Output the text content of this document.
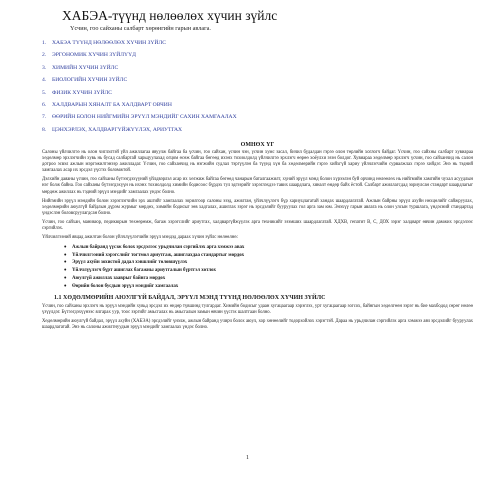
ХАБЭА-түүнд нөлөөлөх хүчин зүйлс
Үсчин, гоо сайханы салбарт хөрөнгийн гарын авлага.
1. ХАБЭА ТҮҮНД НӨЛӨӨЛӨХ ХҮЧИН ЗҮЙЛС
2. ЭРГОНОМИК ХҮЧИН ЗҮЙЛҮҮД
3. ХИМИЙН ХҮЧИН ЗҮЙЛС
4. БИОЛОГИЙН ХҮЧИН ЗҮЙЛС
5. ФИЗИК ХҮЧИН ЗҮЙЛС
6. ХАЛДВАРЫН ХЯНАЛТ БА ХАЛДВАРТ ОВЧИН
7. ӨӨРИЙН БОЛОН НИЙГМИЙН ЭРҮҮЛ МЭНДИЙГ САХИН ХАМГААЛАХ
8. ЦЭНХЭРЛЭХ, ХАЛДВАРГҮЙЖҮҮЛЭХ, АРИУТГАХ
ОМНӨХ ҮГ

Салоны үйлчилгээ нь олон чиглэлтэй үйл ажиллагаа явуулж байгаа ба үсчин, гоо сайхан, үсчин чэн, үсчин хумс засал, бичил будалдан гэрээ олон төрлийн хоглогч байдаг. Үсчин, гоо сайхны салбарт хувиараа хөдөлмөр эрхлэгчийн хувь нь бусад салбартай харьцуулахад огцом өсөж байгаа бөгөөд ихэнх тохиолдолд үйлчилгээ эрхлэгч өөрөө хоёулхи эзэн болдог. Хувиараа хөдөлмөр эрхлэгч үсчин, гоо сайханчид нь салон дотроо эсвэл ажлын мэргэжилтэнээр ажилладаг. Үсчин, гоо сайханчид нь нэгжийн судлал тэргүүлэн ба түүнд хүн ба хөдөлмөрийн гэрээ хийхгүй хариу үйлчлэгчийн сурвалжлах гэрээ хийдэг. Энэ нь тэдний хамгаалах асар их эрсдэл үүсгэх боломжтой.

Дэлхийн даяаны үсчин, гоо сайханы бүтээгдэхүүний үйлдвэрлэл асар их хөгжиж байгаа бөгөөд чанарын баталгаажилт, хүний эрүүл мэнд болон хүрээлэн буй орчинд нөлөөлөх нь нийгмийн хамгийн чухал асуудлын нэг болж байна. Гоо сайханы бүтээгдэхүүн нь ихэнх тохиолдолд химийн бодисоос бүрдэх тул эдгээрийг хэрэглэхдээ тавих шаардлага, хяналт өндөр байх ёстой. Салбарт ажиллагсдад зориулсан стандарт шаардлагыг мөрдөж ажиллах нь тэдний эрүүл мэндийг хамгаалах үндэс болно.

Нийгмийн эрүүл мэндийн болон хэрэглэгчийн эрх ашгийг хамгаалах зорилгоор салоны эзэд, ажилтан, үйлчлүүлэгч бүр хариуцлагатай хандах шаардлагатай. Ажлын байрны эрүүл ахуйн нөхцөлийг сайжруулах, хөдөлмөрийн аюулгүй байдлын дүрэм журмыг мөрдөх, химийн бодисыг зөв хадгалах, ашиглах зэрэг нь эрсдэлийг бууруулах гол арга зам юм. Энэхүү гарын авлага нь олон улсын туршлага, үндэсний стандартад үндэслэн боловсруулагдсан болно.

Үсчин, гоо сайхан, маникюр, педикюрын төхөөрөмж, багаж хэрэгслийг ариутгах, халдваргүйжүүлэх арга техникийг эзэмших шаардлагатай. ХДХВ, гепатит В, С, ДОХ зэрэг халдварт өвчин дамжих эрсдэлээс сэргийлэх.

Үйлчилгээний явцад ажилтан болон үйлчлүүлэгчийн эрүүл мэндэд дараах хүчин зүйлс нөлөөлнө:

• Ажлын байранд үүсэж болох эрсдэлээс урьдчилан сэргийлэх арга хэмжээ авах
• Үйлчилгээний хэрэгслийг тогтмол ариутгаж, ашиглахдаа стандартыг мөрдөх
• Эрүүл ахуйн зохистой дадал хэвшлийг төлөвшүүлэх
• Үйлчлүүлэгч бүрт ашиглах багажны ариутгалын бүртгэл хөтлөх
• Аюулгүй ажиллах зааврыг байнга мөрдөх
• Өөрийн болон бусдын эрүүл мэндийг хамгаалах
1.1 ХӨДӨЛМӨРИЙН АЮУЛГҮЙ БАЙДАЛ, ЭРҮҮЛ МЭНД ТҮҮНД НӨЛӨӨЛӨХ ХҮЧИН ЗҮЙЛС

Үсчин, гоо сайханы эрхлэгч нь эрүүл мэндийн хувьд эрсдэл их өндөр түвшинд тулгардаг. Химийн бодисыг удаан хугацаагаар хэрэглэх, урт хугацаагаар зогсох, байнгын хөдөлгөөн зэрэг нь бие махбодод сөрөг нөлөө үзүүлдэг. Бүтээгдэхүүнээс ялгарах уур, тоос зэргийг амьсгалах нь амьсгалын замын өвчин үүсгэх шалтгаан болно.

Хөдөлмөрийн аюулгүй байдал, эрүүл ахуйн (ХАБЭА) эрсдэлийг үнэлж, ажлын байранд учирч болох аюул, хор хөнөөлийг тодорхойлох хэрэгтэй. Дараа нь урьдчилан сэргийлэх арга хэмжээ авч эрсдэлийг бууруулах шаардлагатай. Энэ нь салоны ажилтнуудын эрүүл мэндийг хамгаалах үндэс болно.

1
